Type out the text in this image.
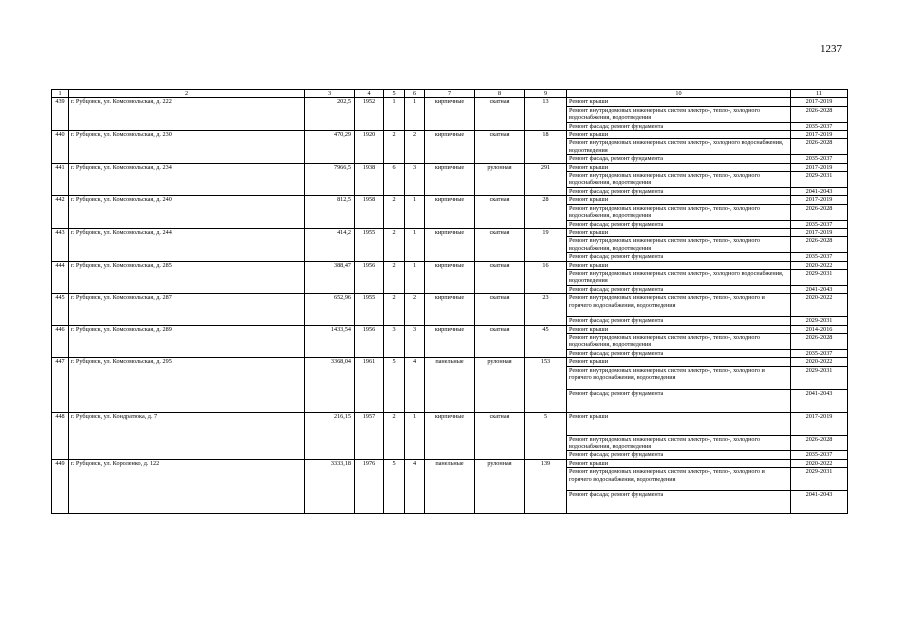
1237
1	2	3	4	5	6	7	8	9	10	11
439	г. Рубцовск, ул. Комсомольская, д. 222	202,5	1952	1	1	кирпичные	скатная	13	Ремонт крыши	2017-2019
									Ремонт внутридомовых инженерных систем электро-, тепло-, холодного водоснабжения, водоотведения	2026-2028
									Ремонт фасада; ремонт фундамента	2035-2037
440	г. Рубцовск, ул. Комсомольская, д. 230	470,29	1920	2	2	кирпичные	скатная	18	Ремонт крыши	2017-2019
									Ремонт внутридомовых инженерных систем электро-, холодного водоснабжения, водоотведения	2026-2028
									Ремонт фасада, ремонт фундамента	2035-2037
441	г. Рубцовск, ул. Комсомольская, д. 234	7966,5	1938	6	3	кирпичные	рулонная	291	Ремонт крыши	2017-2019
									Ремонт внутридомовых инженерных систем электро-, тепло-, холодного водоснабжения, водоотведения	2029-2031
									Ремонт фасада; ремонт фундамента	2041-2043
442	г. Рубцовск, ул. Комсомольская, д. 240	812,5	1958	2	1	кирпичные	скатная	28	Ремонт крыши	2017-2019
									Ремонт внутридомовых инженерных систем электро-, тепло-, холодного водоснабжения, водоотведения	2026-2028
									Ремонт фасада; ремонт фундамента	2035-2037
443	г. Рубцовск, ул. Комсомольская, д. 244	414,2	1955	2	1	кирпичные	скатная	19	Ремонт крыши	2017-2019
									Ремонт внутридомовых инженерных систем электро-, тепло-, холодного водоснабжения, водоотведения	2026-2028
									Ремонт фасада; ремонт фундамента	2035-2037
444	г. Рубцовск, ул. Комсомольская, д. 285	388,47	1956	2	1	кирпичные	скатная	16	Ремонт крыши	2020-2022
									Ремонт внутридомовых инженерных систем электро-, холодного водоснабжения, водоотведения	2029-2031
									Ремонт фасада; ремонт фундамента	2041-2043
445	г. Рубцовск, ул. Комсомольская, д. 287	652,96	1955	2	2	кирпичные	скатная	23	Ремонт внутридомовых инженерных систем электро-, тепло-, холодного и горячего водоснабжения, водоотведения	2020-2022
									Ремонт фасада; ремонт фундамента	2029-2031
446	г. Рубцовск, ул. Комсомольская, д. 289	1433,54	1956	3	3	кирпичные	скатная	45	Ремонт крыши	2014-2016
									Ремонт внутридомовых инженерных систем электро-, тепло-, холодного водоснабжения, водоотведения	2026-2028
									Ремонт фасада; ремонт фундамента	2035-2037
447	г. Рубцовск, ул. Комсомольская, д. 295	3368,04	1961	5	4	панельные	рулонная	153	Ремонт крыши	2020-2022
									Ремонт внутридомовых инженерных систем электро-, тепло-, холодного и горячего водоснабжения, водоотведения	2029-2031
									Ремонт фасада; ремонт фундамента	2041-2043
448	г. Рубцовск, ул. Кондратюка, д. 7	216,15	1957	2	1	кирпичные	скатная	5	Ремонт крыши	2017-2019
									Ремонт внутридомовых инженерных систем электро-, тепло-, холодного водоснабжения, водоотведения	2026-2028
									Ремонт фасада; ремонт фундамента	2035-2037
449	г. Рубцовск, ул. Короленко, д. 122	3333,18	1976	5	4	панельные	рулонная	139	Ремонт крыши	2020-2022
									Ремонт внутридомовых инженерных систем электро-, тепло-, холодного и горячего водоснабжения, водоотведения	2029-2031
									Ремонт фасада; ремонт фундамента	2041-2043
